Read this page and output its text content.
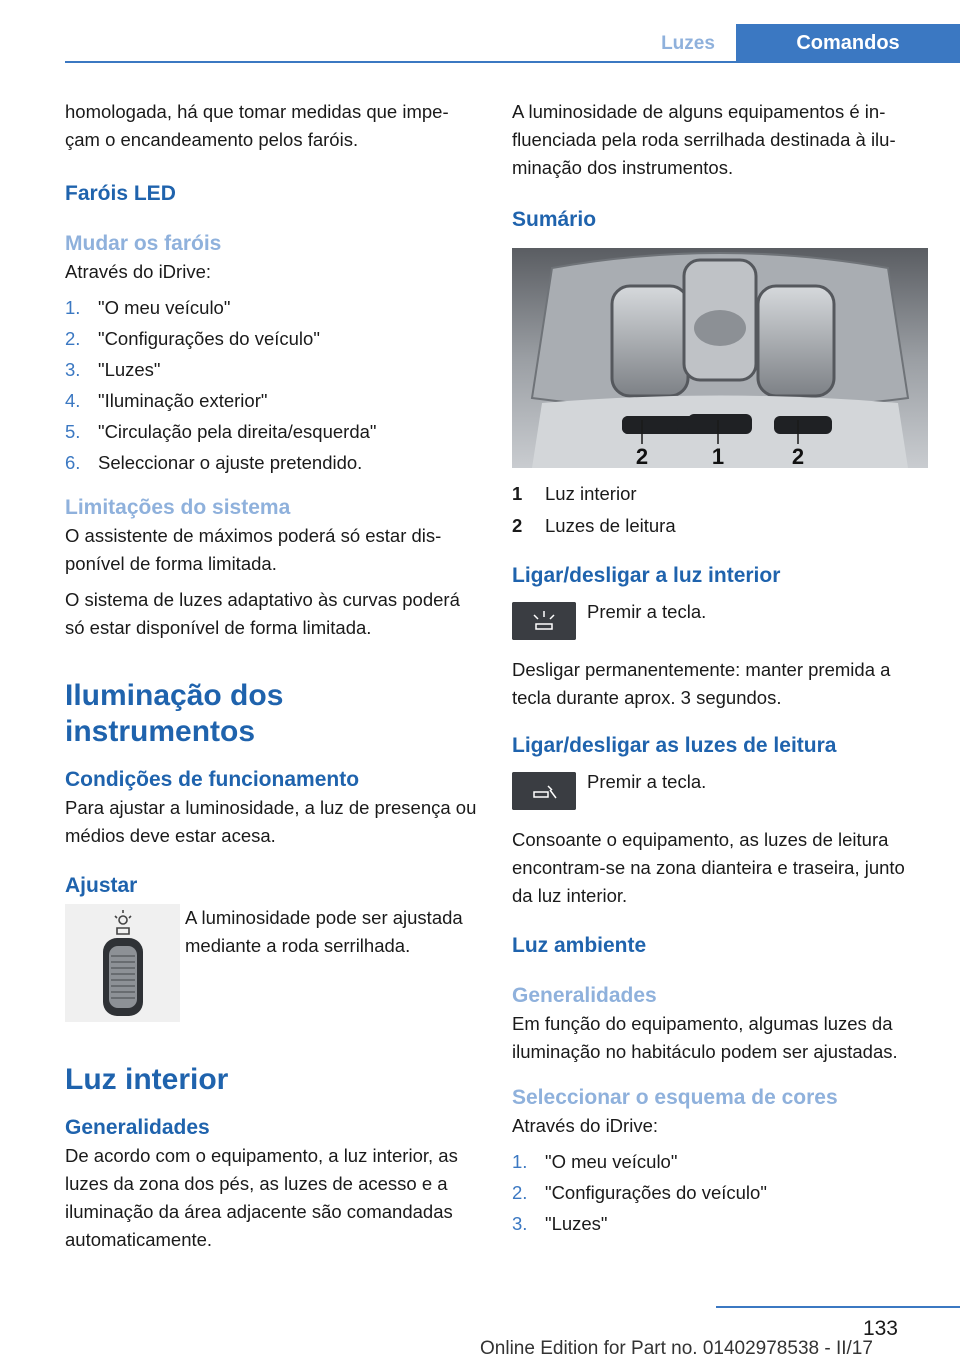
Luzes	Comandos

homologada, há que tomar medidas que impeçam o encandeamento pelos faróis.

Faróis LED
Mudar os faróis

Através do iDrive:

1. "O meu veículo"
2. "Configurações do veículo"
3. "Luzes"
4. "Iluminação exterior"
5. "Circulação pela direita/esquerda"
6. Seleccionar o ajuste pretendido.
Limitações do sistema

O assistente de máximos poderá só estar disponível de forma limitada.

O sistema de luzes adaptativo às curvas poderá só estar disponível de forma limitada.

Iluminação dos instrumentos
Condições de funcionamento

Para ajustar a luminosidade, a luz de presença ou médios deve estar acesa.

Ajustar

A luminosidade pode ser ajustada mediante a roda serrilhada.

Luz interior
Generalidades

De acordo com o equipamento, a luz interior, as luzes da zona dos pés, as luzes de acesso e a iluminação da área adjacente são comandadas automaticamente.

A luminosidade de alguns equipamentos é influenciada pela roda serrilhada destinada à iluminação dos instrumentos.

Sumário
2	1	2
1 Luz interior
2 Luzes de leitura
Ligar/desligar a luz interior

Premir a tecla.

Desligar permanentemente: manter premida a tecla durante aprox. 3 segundos.

Ligar/desligar as luzes de leitura

Premir a tecla.

Consoante o equipamento, as luzes de leitura encontram-se na zona dianteira e traseira, junto da luz interior.

Luz ambiente
Generalidades

Em função do equipamento, algumas luzes da iluminação no habitáculo podem ser ajustadas.

Seleccionar o esquema de cores

Através do iDrive:

1. "O meu veículo"
2. "Configurações do veículo"
3. "Luzes"
133
Online Edition for Part no. 01402978538 - II/17
